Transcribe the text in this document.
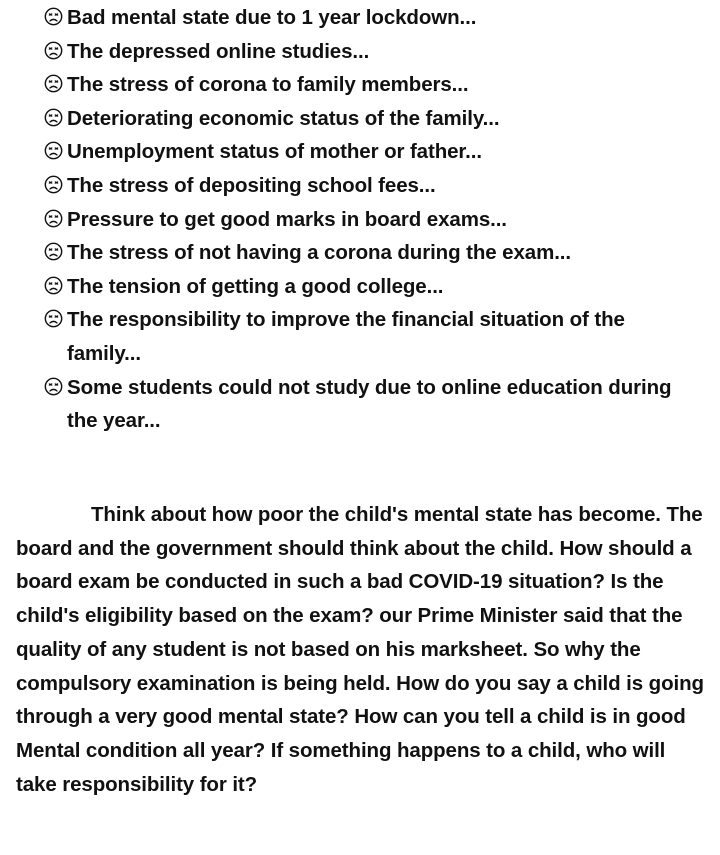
Bad mental state due to 1 year lockdown...
The depressed online studies...
The stress of corona to family members...
Deteriorating economic status of the family...
Unemployment status of mother or father...
The stress of depositing school fees...
Pressure to get good marks in board exams...
The stress of not having a corona during the exam...
The tension of getting a good college...
The responsibility to improve the financial situation of the family...
Some students could not study due to online education during the year...

Think about how poor the child's mental state has become. The board and the government should think about the child. How should a board exam be conducted in such a bad COVID-19 situation? Is the child's eligibility based on the exam? our Prime Minister said that the quality of any student is not based on his marksheet. So why the compulsory examination is being held. How do you say a child is going through a very good mental state? How can you tell a child is in good Mental condition all year? If something happens to a child, who will take responsibility for it?
